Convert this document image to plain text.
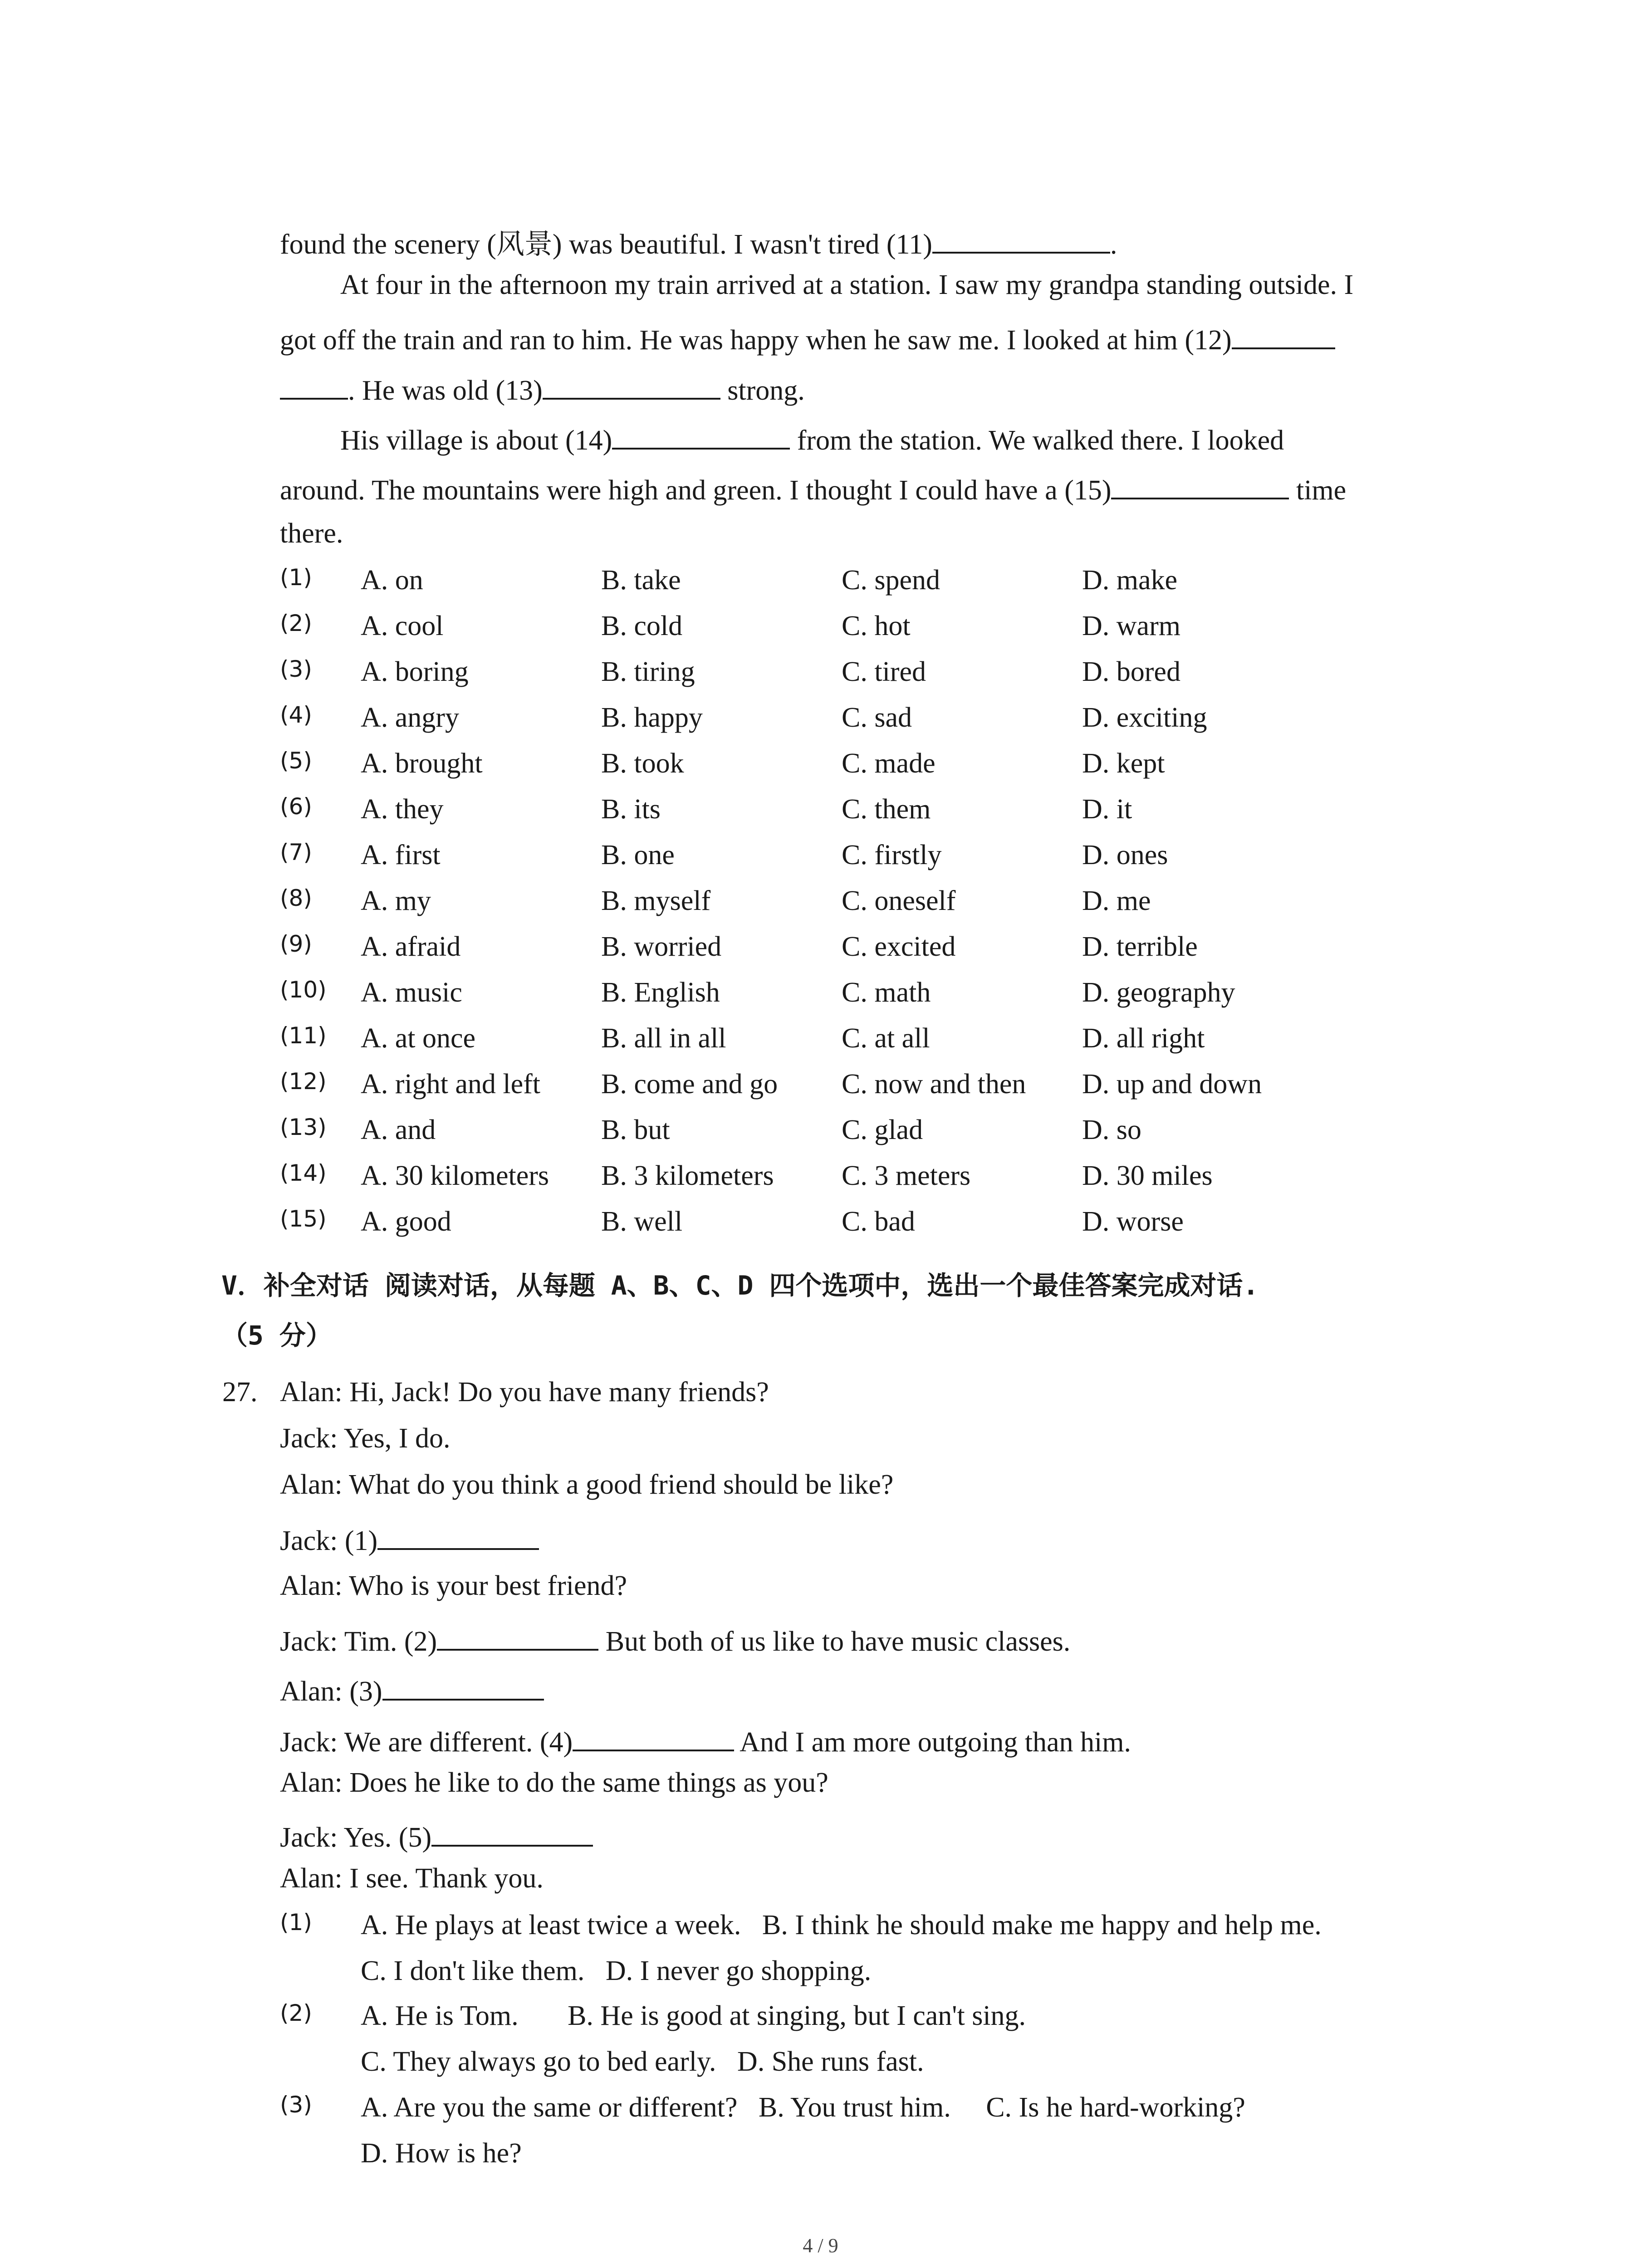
found the scenery (风景) was beautiful. I wasn't tired (11)	.
At four in the afternoon my train arrived at a station. I saw my grandpa standing outside. I
got off the train and ran to him. He was happy when he saw me. I looked at him (12)
. He was old (13)	strong.
His village is about (14)	from the station. We walked there. I looked
around. The mountains were high and green. I thought I could have a (15)	time
there.
(1) A. on	B. take	C. spend	D. make
(2) A. cool	B. cold	C. hot	D. warm
(3) A. boring	B. tiring	C. tired	D. bored
(4) A. angry	B. happy	C. sad	D. exciting
(5) A. brought	B. took	C. made	D. kept
(6) A. they	B. its	C. them	D. it
(7) A. first	B. one	C. firstly	D. ones
(8) A. my	B. myself	C. oneself	D. me
(9) A. afraid	B. worried	C. excited	D. terrible
(10) A. music	B. English	C. math	D. geography
(11) A. at once	B. all in all	C. at all	D. all right
(12) A. right and left B. come and go C. now and then D. up and down
(13) A. and	B. but	C. glad	D. so
(14) A. 30 kilometers B. 3 kilometers C. 3 meters	D. 30 miles
(15) A. good	B. well	C. bad	D. worse
V．补全对话 阅读对话，从每题 A、B、C、D 四个选项中，选出一个最佳答案完成对话.
（5 分）
27. Alan: Hi, Jack! Do you have many friends?
Jack: Yes, I do.
Alan: What do you think a good friend should be like?
Jack: (1)
Alan: Who is your best friend?
Jack: Tim. (2)	But both of us like to have music classes.
Alan: (3)
Jack: We are different. (4)	And I am more outgoing than him.
Alan: Does he like to do the same things as you?
Jack: Yes. (5)
Alan: I see. Thank you.
(1) A. He plays at least twice a week.   B. I think he should make me happy and help me.
C. I don't like them.   D. I never go shopping.
(2) A. He is Tom.       B. He is good at singing, but I can't sing.
C. They always go to bed early.   D. She runs fast.
(3) A. Are you the same or different?   B. You trust him.     C. Is he hard-working?
D. How is he?
4 / 9
